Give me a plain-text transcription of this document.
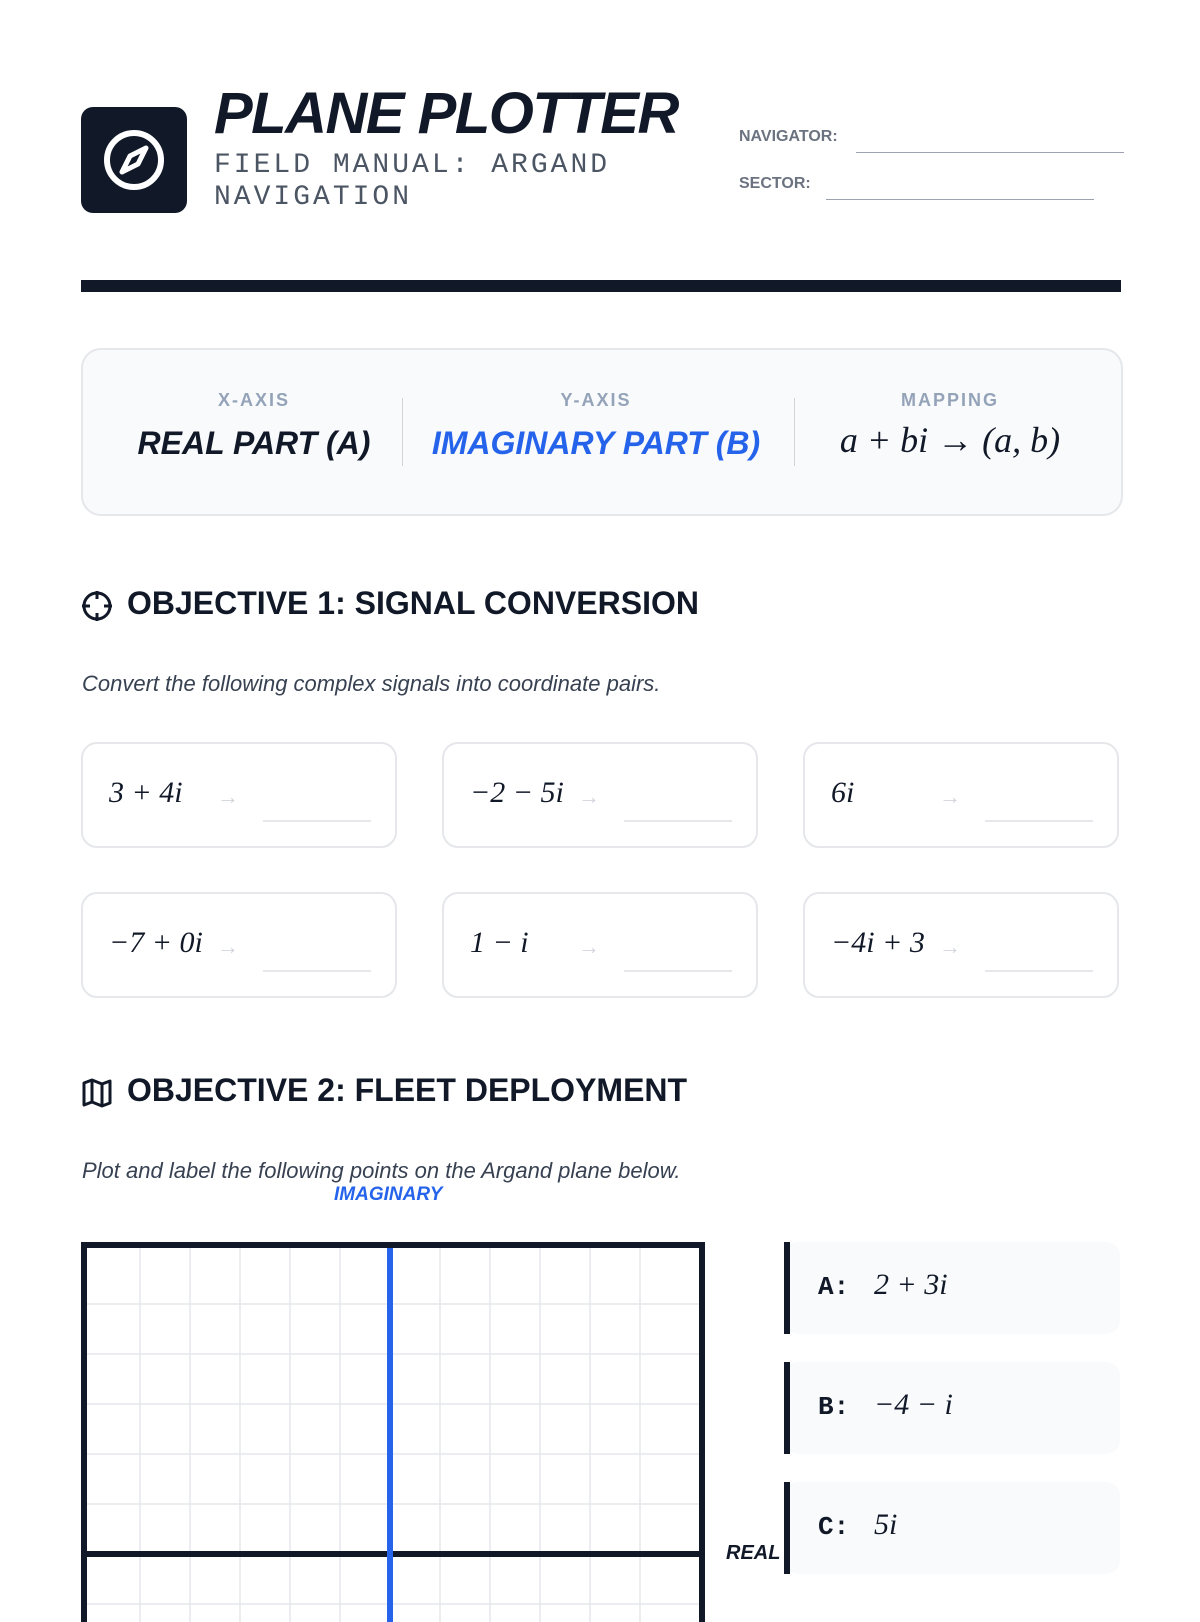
PLANE PLOTTER
FIELD MANUAL: ARGAND NAVIGATION
NAVIGATOR:
SECTOR:
X-AXIS
REAL PART (A)
Y-AXIS
IMAGINARY PART (B)
MAPPING
a + bi → (a, b)
OBJECTIVE 1: SIGNAL CONVERSION
Convert the following complex signals into coordinate pairs.
3 + 4i →	−2 − 5i →	6i	→
−7 + 0i →	1 − i →	−4i + 3 →
OBJECTIVE 2: FLEET DEPLOYMENT
Plot and label the following points on the Argand plane below.
IMAGINARY
REAL
A: 2 + 3i
B: −4 − i
C: 5i
